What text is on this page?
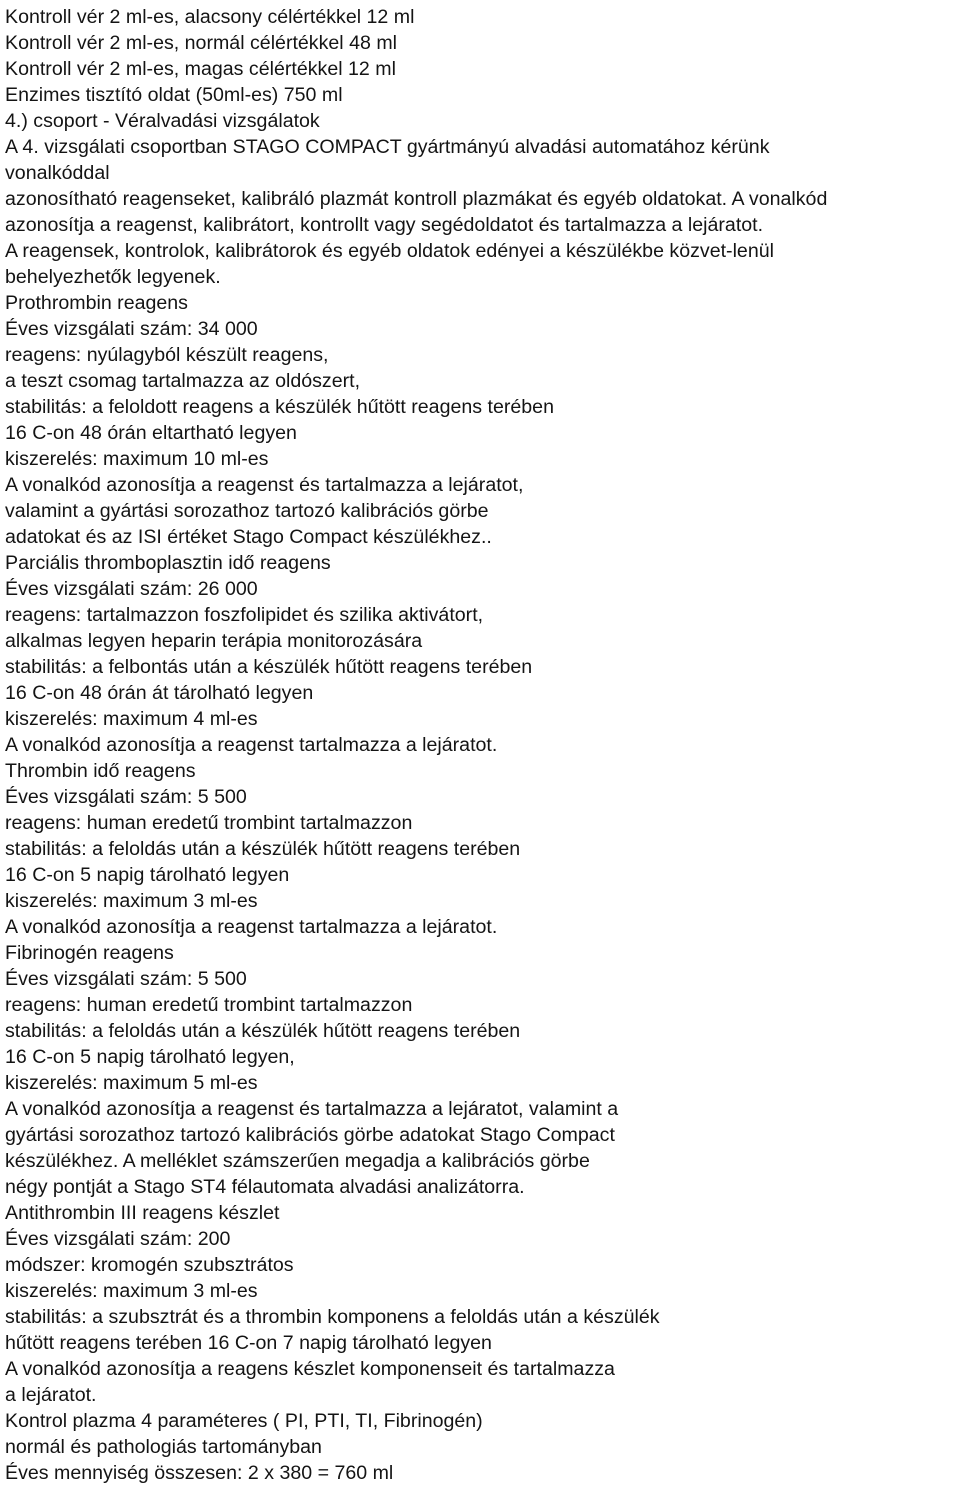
Kontroll vér 2 ml-es, alacsony célértékkel 12 ml
Kontroll vér 2 ml-es, normál célértékkel 48 ml
Kontroll vér 2 ml-es, magas célértékkel 12 ml
Enzimes tisztító oldat (50ml-es) 750 ml
4.) csoport - Véralvadási vizsgálatok
A 4. vizsgálati csoportban STAGO COMPACT gyártmányú alvadási automatához kérünk
vonalkóddal
azonosítható reagenseket, kalibráló plazmát kontroll plazmákat és egyéb oldatokat. A vonalkód
azonosítja a reagenst, kalibrátort, kontrollt vagy segédoldatot és tartalmazza a lejáratot.
A reagensek, kontrolok, kalibrátorok és egyéb oldatok edényei a készülékbe közvet-lenül
behelyezhetők legyenek.
Prothrombin reagens
Éves vizsgálati szám: 34 000
reagens: nyúlagyból készült reagens,
a teszt csomag tartalmazza az oldószert,
stabilitás: a feloldott reagens a készülék hűtött reagens terében
16 C-on 48 órán eltartható legyen
kiszerelés: maximum 10 ml-es
A vonalkód azonosítja a reagenst és tartalmazza a lejáratot,
valamint a gyártási sorozathoz tartozó kalibrációs görbe
adatokat és az ISI értéket Stago Compact készülékhez..
Parciális thromboplasztin idő reagens
Éves vizsgálati szám: 26 000
reagens: tartalmazzon foszfolipidet és szilika aktivátort,
alkalmas legyen heparin terápia monitorozására
stabilitás: a felbontás után a készülék hűtött reagens terében
16 C-on 48 órán át tárolható legyen
kiszerelés: maximum 4 ml-es
A vonalkód azonosítja a reagenst tartalmazza a lejáratot.
Thrombin idő reagens
Éves vizsgálati szám: 5 500
reagens: human eredetű trombint tartalmazzon
stabilitás: a feloldás után a készülék hűtött reagens terében
16 C-on 5 napig tárolható legyen
kiszerelés: maximum 3 ml-es
A vonalkód azonosítja a reagenst tartalmazza a lejáratot.
Fibrinogén reagens
Éves vizsgálati szám: 5 500
reagens: human eredetű trombint tartalmazzon
stabilitás: a feloldás után a készülék hűtött reagens terében
16 C-on 5 napig tárolható legyen,
kiszerelés: maximum 5 ml-es
A vonalkód azonosítja a reagenst és tartalmazza a lejáratot, valamint a
gyártási sorozathoz tartozó kalibrációs görbe adatokat Stago Compact
készülékhez. A melléklet számszerűen megadja a kalibrációs görbe
négy pontját a Stago ST4 félautomata alvadási analizátorra.
Antithrombin III reagens készlet
Éves vizsgálati szám: 200
módszer: kromogén szubsztrátos
kiszerelés: maximum 3 ml-es
stabilitás: a szubsztrát és a thrombin komponens a feloldás után a készülék
hűtött reagens terében 16 C-on 7 napig tárolható legyen
A vonalkód azonosítja a reagens készlet komponenseit és tartalmazza
a lejáratot.
Kontrol plazma 4 paraméteres ( PI, PTI, TI, Fibrinogén)
normál és pathologiás tartományban
Éves mennyiség összesen: 2 x 380 = 760 ml
